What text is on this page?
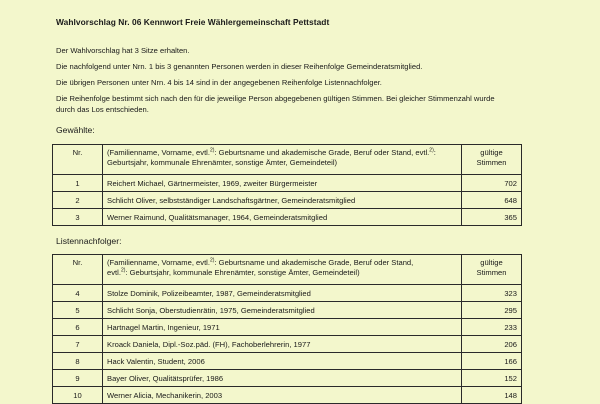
Wahlvorschlag Nr. 06 Kennwort Freie Wählergemeinschaft Pettstadt
Der Wahlvorschlag hat 3 Sitze erhalten.
Die nachfolgend unter Nrn. 1 bis 3 genannten Personen werden in dieser Reihenfolge Gemeinderatsmitglied.
Die übrigen Personen unter Nrn. 4 bis 14 sind in der angegebenen Reihenfolge Listennachfolger.
Die Reihenfolge bestimmt sich nach den für die jeweilige Person abgegebenen gültigen Stimmen. Bei gleicher Stimmenzahl wurde
durch das Los entschieden.
Gewählte:
Nr.	(Familienname, Vorname, evtl.$^{2)}$: Geburtsname und akademische Grade, Beruf oder Stand, evtl.$^{2)}$:
Geburtsjahr, kommunale Ehrenämter, sonstige Ämter, Gemeindeteil)	gültige
Stimmen
1	Reichert Michael, Gärtnermeister, 1969, zweiter Bürgermeister	702
2	Schlicht Oliver, selbstständiger Landschaftsgärtner, Gemeinderatsmitglied	648
3	Werner Raimund, Qualitätsmanager, 1964, Gemeinderatsmitglied	365
Listennachfolger:
Nr.	(Familienname, Vorname, evtl.$^{2)}$: Geburtsname und akademische Grade, Beruf oder Stand,
evtl.$^{2)}$: Geburtsjahr, kommunale Ehrenämter, sonstige Ämter, Gemeindeteil)	gültige
Stimmen
4	Stolze Dominik, Polizeibeamter, 1987, Gemeinderatsmitglied	323
5	Schlicht Sonja, Oberstudienrätin, 1975, Gemeinderatsmitglied	295
6	Hartnagel Martin, Ingenieur, 1971	233
7	Kroack Daniela, Dipl.-Soz.päd. (FH), Fachoberlehrerin, 1977	206
8	Hack Valentin, Student, 2006	166
9	Bayer Oliver, Qualitätsprüfer, 1986	152
10	Werner Alicia, Mechanikerin, 2003	148
